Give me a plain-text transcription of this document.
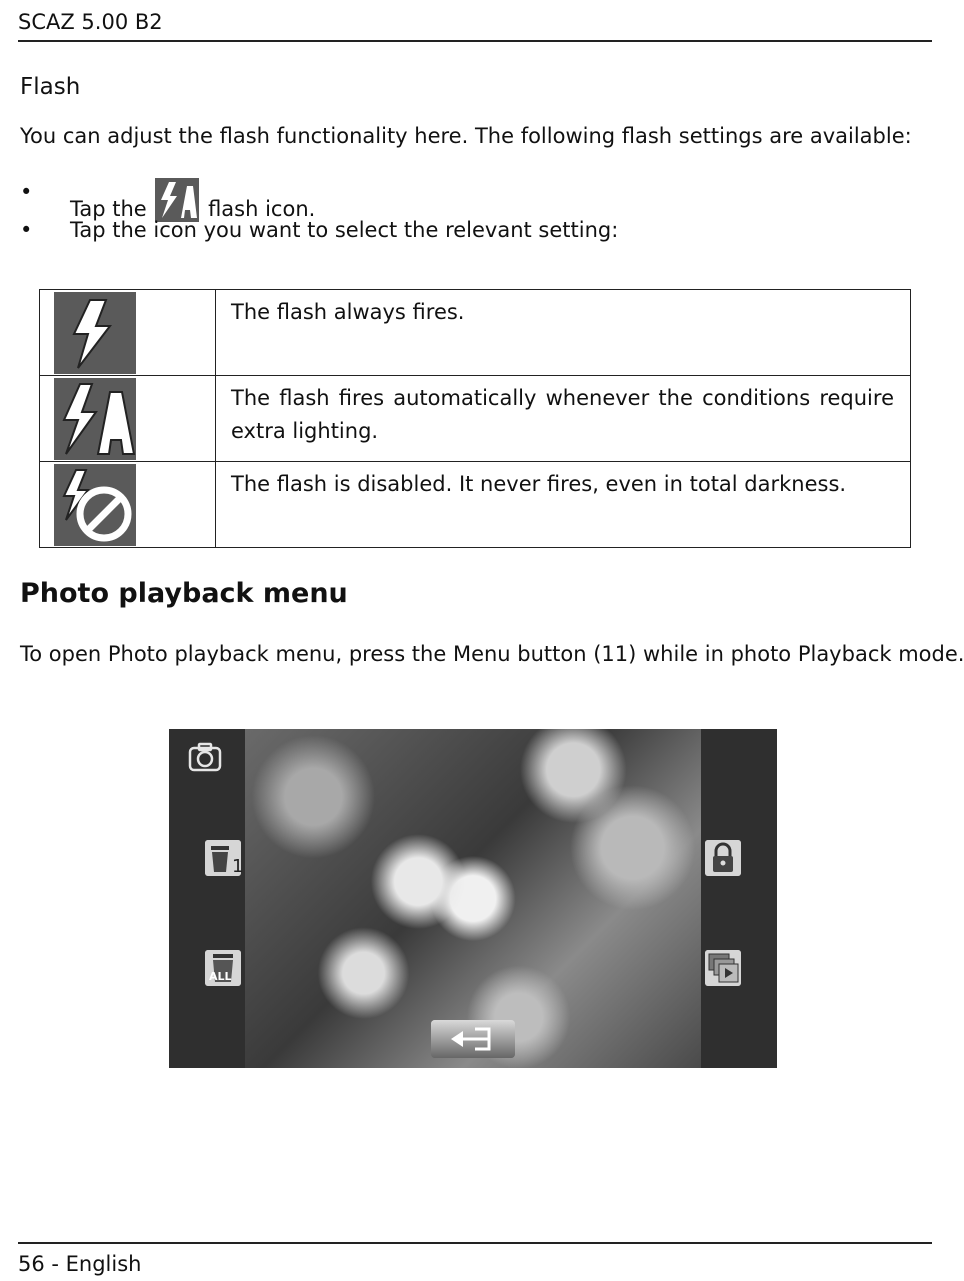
SCAZ 5.00 B2
Flash
You can adjust the flash functionality here. The following flash settings are available:
•
Tap the	flash icon.
•	Tap the icon you want to select the relevant setting:
	The flash always fires.

	The flash fires automatically whenever the conditions require extra lighting.

	The flash is disabled. It never fires, even in total darkness.
Photo playback menu
To open Photo playback menu, press the Menu button (11) while in photo Playback mode.
1
ALL
56 - English
